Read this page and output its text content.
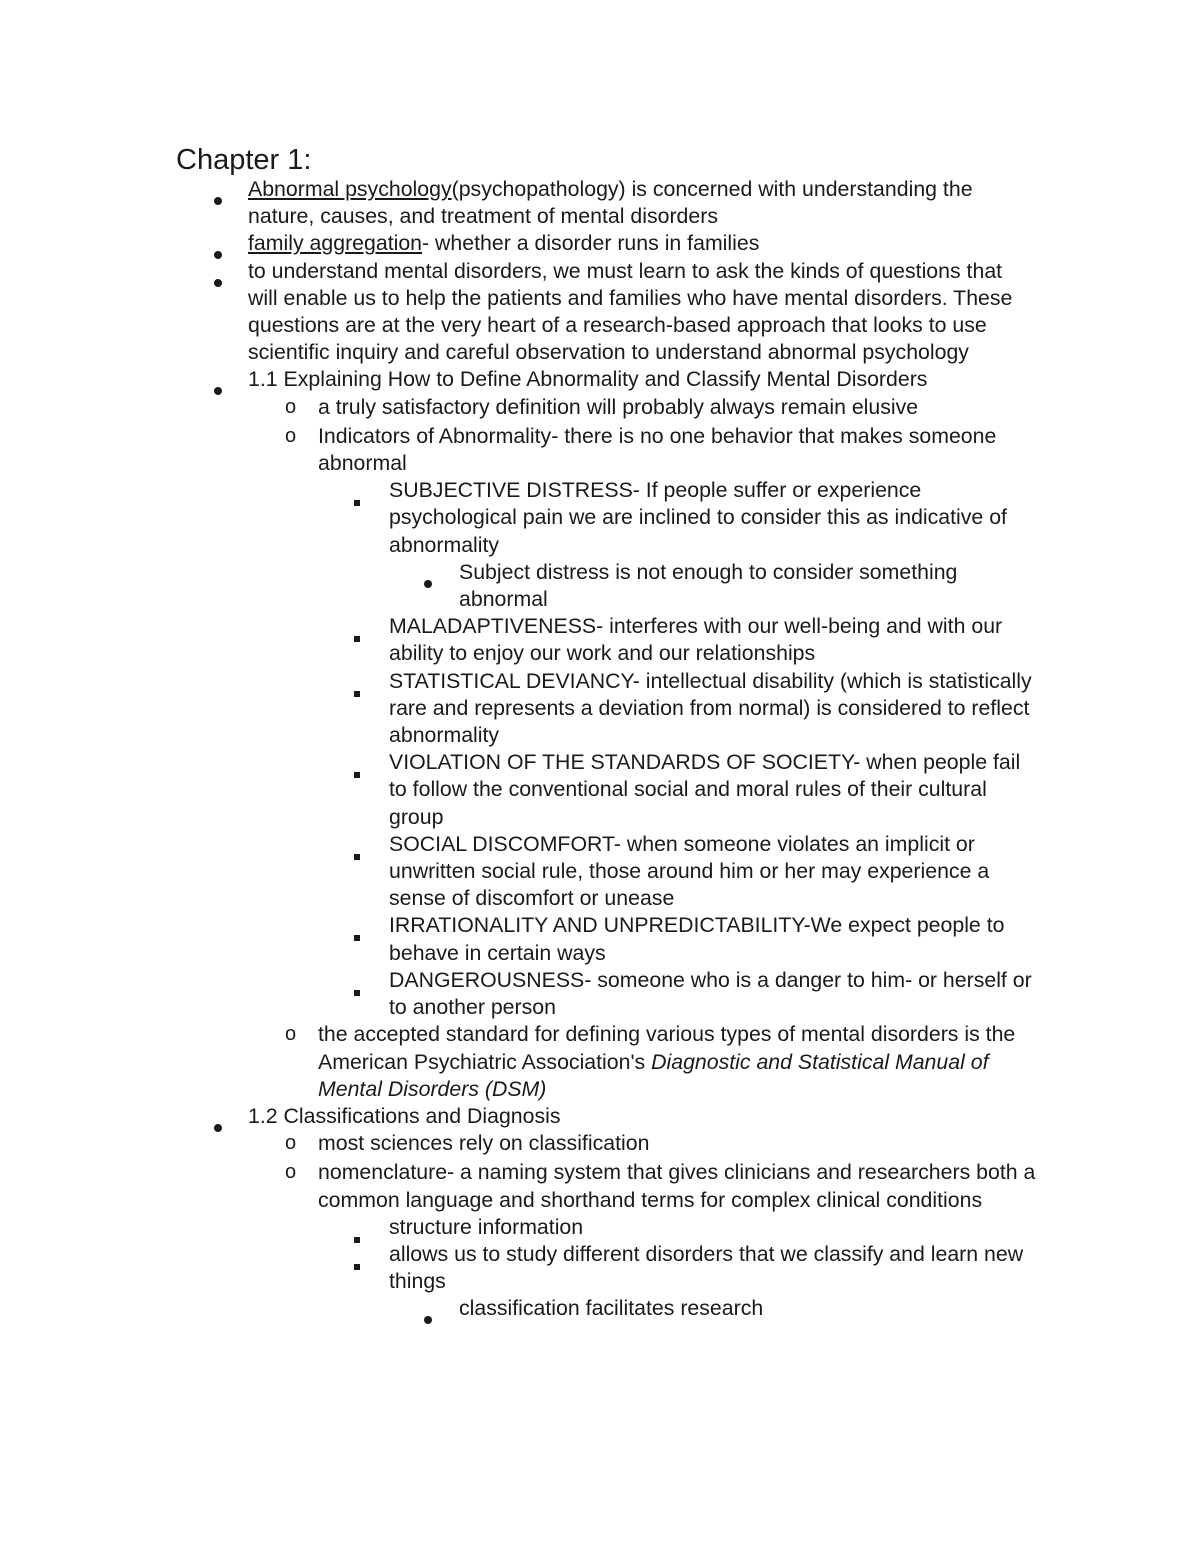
Chapter 1:
Abnormal psychology(psychopathology) is concerned with understanding the nature, causes, and treatment of mental disorders
family aggregation- whether a disorder runs in families
to understand mental disorders, we must learn to ask the kinds of questions that will enable us to help the patients and families who have mental disorders. These questions are at the very heart of a research-based approach that looks to use scientific inquiry and careful observation to understand abnormal psychology
1.1 Explaining How to Define Abnormality and Classify Mental Disorders
o a truly satisfactory definition will probably always remain elusive
o Indicators of Abnormality- there is no one behavior that makes someone abnormal
SUBJECTIVE DISTRESS- If people suffer or experience psychological pain we are inclined to consider this as indicative of abnormality
Subject distress is not enough to consider something abnormal
MALADAPTIVENESS- interferes with our well-being and with our ability to enjoy our work and our relationships
STATISTICAL DEVIANCY- intellectual disability (which is statistically rare and represents a deviation from normal) is considered to reflect abnormality
VIOLATION OF THE STANDARDS OF SOCIETY- when people fail to follow the conventional social and moral rules of their cultural group
SOCIAL DISCOMFORT- when someone violates an implicit or unwritten social rule, those around him or her may experience a sense of discomfort or unease
IRRATIONALITY AND UNPREDICTABILITY-We expect people to behave in certain ways
DANGEROUSNESS- someone who is a danger to him- or herself or to another person
o the accepted standard for defining various types of mental disorders is the American Psychiatric Association's Diagnostic and Statistical Manual of Mental Disorders (DSM)
1.2 Classifications and Diagnosis
o most sciences rely on classification
o nomenclature- a naming system that gives clinicians and researchers both a common language and shorthand terms for complex clinical conditions
structure information
allows us to study different disorders that we classify and learn new things
classification facilitates research
